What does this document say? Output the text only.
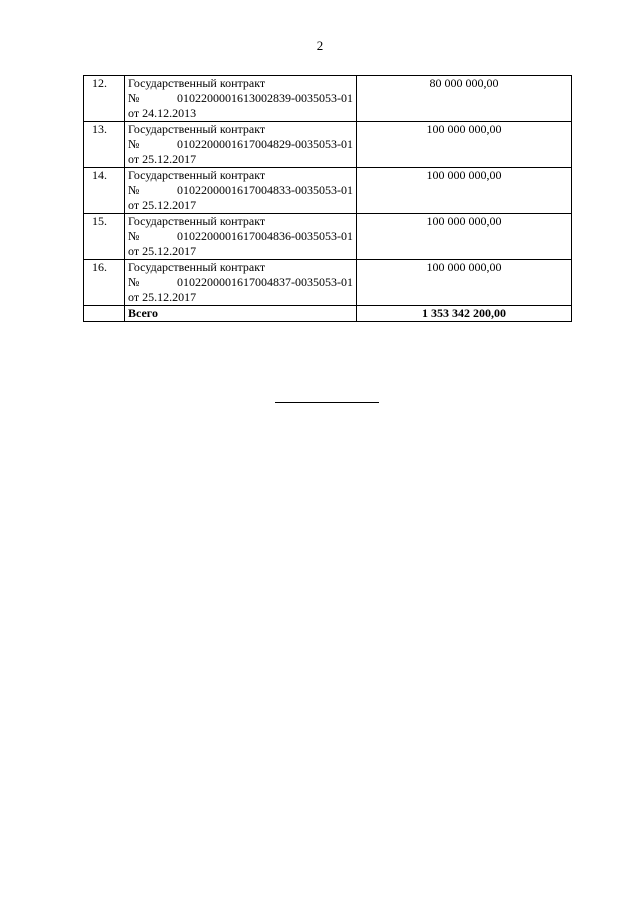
2
12.	Государственный контракт
№ 0102200001613002839-0035053-01
от 24.12.2013	80 000 000,00
13.	Государственный контракт
№ 0102200001617004829-0035053-01
от 25.12.2017	100 000 000,00
14.	Государственный контракт
№ 0102200001617004833-0035053-01
от 25.12.2017	100 000 000,00
15.	Государственный контракт
№ 0102200001617004836-0035053-01
от 25.12.2017	100 000 000,00
16.	Государственный контракт
№ 0102200001617004837-0035053-01
от 25.12.2017	100 000 000,00
	Всего	1 353 342 200,00
